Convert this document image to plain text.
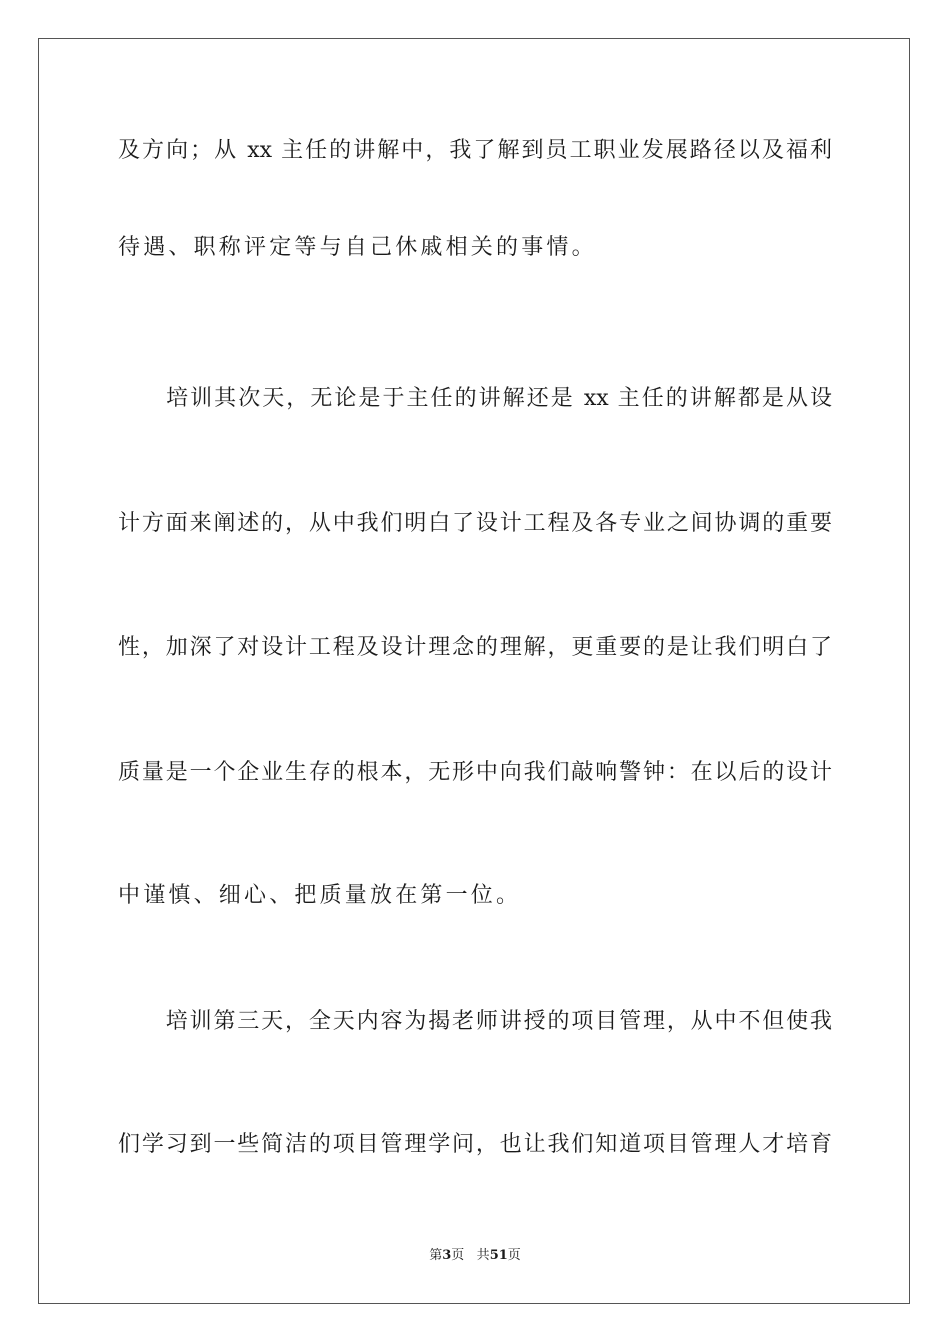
及方向；从 xx 主任的讲解中，我了解到员工职业发展路径以及福利
待遇、职称评定等与自己休戚相关的事情。
　　培训其次天，无论是于主任的讲解还是 xx 主任的讲解都是从设
计方面来阐述的，从中我们明白了设计工程及各专业之间协调的重要
性，加深了对设计工程及设计理念的理解，更重要的是让我们明白了
质量是一个企业生存的根本，无形中向我们敲响警钟：在以后的设计
中谨慎、细心、把质量放在第一位。
　　培训第三天，全天内容为揭老师讲授的项目管理，从中不但使我
们学习到一些简洁的项目管理学问，也让我们知道项目管理人才培育
第3页 共51页
